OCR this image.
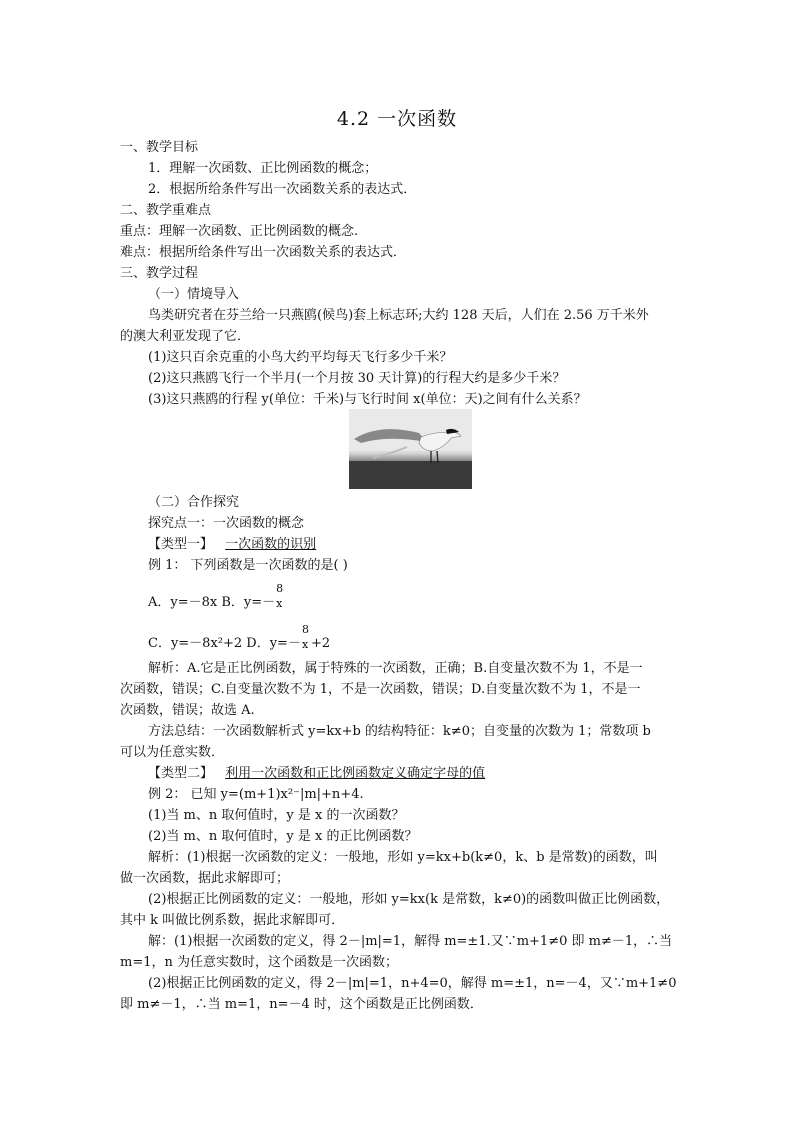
4.2 一次函数
一、教学目标
1．理解一次函数、正比例函数的概念；
2．根据所给条件写出一次函数关系的表达式．
二、教学重难点
重点：理解一次函数、正比例函数的概念.
难点：根据所给条件写出一次函数关系的表达式．
三、教学过程
（一）情境导入
鸟类研究者在芬兰给一只燕鸥(候鸟)套上标志环;大约 128 天后，人们在 2.56 万千米外
的澳大利亚发现了它．
(1)这只百余克重的小鸟大约平均每天飞行多少千米？
(2)这只燕鸥飞行一个半月(一个月按 30 天计算)的行程大约是多少千米？
(3)这只燕鸥的行程 y(单位：千米)与飞行时间 x(单位：天)之间有什么关系？
（二）合作探究
探究点一：一次函数的概念
【类型一】 一次函数的识别
例 1： 下列函数是一次函数的是( )
A．y=－8x B．y=－
8
x
C．y=－8x²+2 D．y=－
8
x +2
解析：A.它是正比例函数，属于特殊的一次函数，正确；B.自变量次数不为 1，不是一
次函数，错误；C.自变量次数不为 1，不是一次函数，错误；D.自变量次数不为 1，不是一
次函数，错误；故选 A.
方法总结：一次函数解析式 y=kx+b 的结构特征：k≠0；自变量的次数为 1；常数项 b
可以为任意实数．
【类型二】 利用一次函数和正比例函数定义确定字母的值
例 2： 已知 y=(m+1)x²⁻|m|+n+4.
(1)当 m、n 取何值时，y 是 x 的一次函数？
(2)当 m、n 取何值时，y 是 x 的正比例函数？
解析：(1)根据一次函数的定义：一般地，形如 y=kx+b(k≠0，k、b 是常数)的函数，叫
做一次函数，据此求解即可；
(2)根据正比例函数的定义：一般地，形如 y=kx(k 是常数，k≠0)的函数叫做正比例函数，
其中 k 叫做比例系数，据此求解即可．
解：(1)根据一次函数的定义，得 2－|m|=1，解得 m=±1.又∵m+1≠0 即 m≠－1，∴当
m=1，n 为任意实数时，这个函数是一次函数；
(2)根据正比例函数的定义，得 2－|m|=1，n+4=0，解得 m=±1，n=－4，又∵m+1≠0
即 m≠－1，∴当 m=1，n=－4 时，这个函数是正比例函数．
